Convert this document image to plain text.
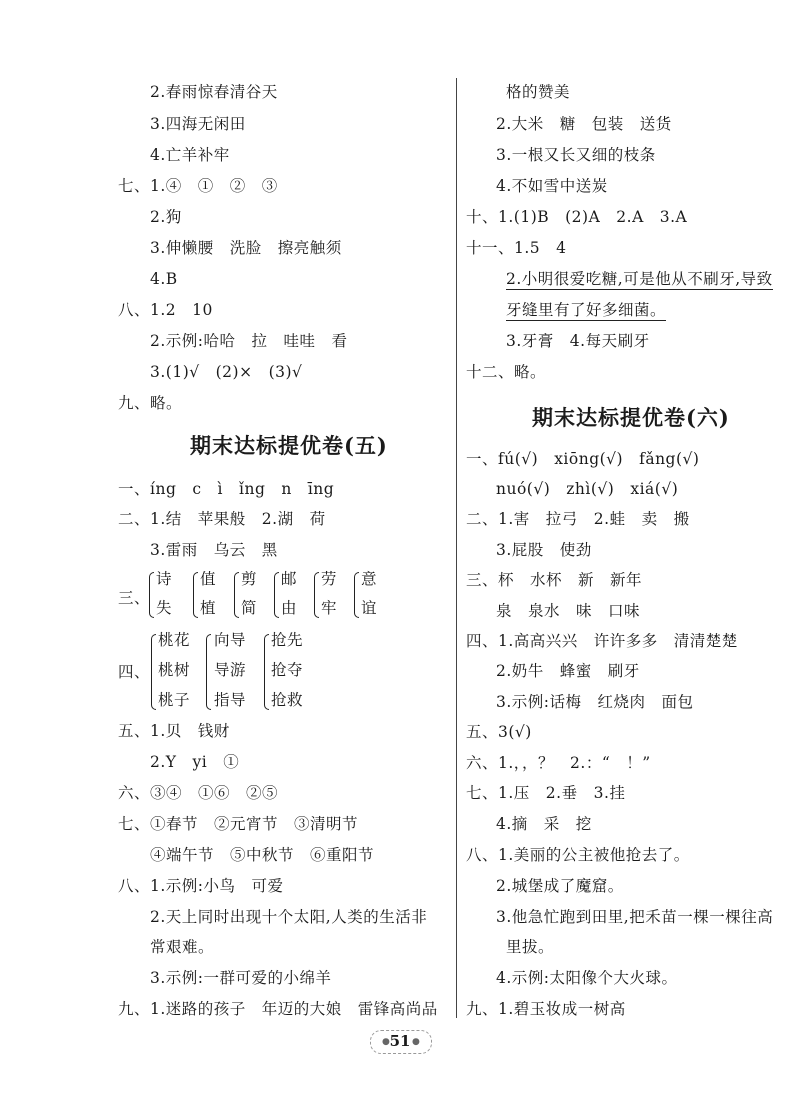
2.春雨惊春清谷天
3.四海无闲田
4.亡羊补牢
七、1.④　①　②　③
2.狗
3.伸懒腰　洗脸　擦亮触须
4.B
八、1.2　10
2.示例:哈哈　拉　哇哇　看
3.(1)√　(2)×　(3)√
九、略。
期末达标提优卷(五)
一、íng　c　ì　ǐng　n　īng
二、1.结　苹果般　2.湖　荷
3.雷雨　乌云　黑
三、
诗
失
值
植
剪
简
邮
由
劳
牢
意
谊
四、
桃花
桃树
桃子
向导
导游
指导
抢先
抢夺
抢救
五、1.贝　钱财
2.Y　yi　①
六、③④　①⑥　②⑤
七、①春节　②元宵节　③清明节
④端午节　⑤中秋节　⑥重阳节
八、1.示例:小鸟　可爱
2.天上同时出现十个太阳,人类的生活非
常艰难。
3.示例:一群可爱的小绵羊
九、1.迷路的孩子　年迈的大娘　雷锋高尚品
格的赞美
2.大米　糖　包装　送货
3.一根又长又细的枝条
4.不如雪中送炭
十、1.(1)B　(2)A　2.A　3.A
十一、1.5　4
2.小明很爱吃糖,可是他从不刷牙,导致
牙缝里有了好多细菌。
3.牙膏　4.每天刷牙
十二、略。
期末达标提优卷(六)
一、fú(√)　xiōng(√)　fǎng(√)
nuó(√)　zhì(√)　xiá(√)
二、1.害　拉弓　2.蛙　卖　搬
3.屁股　使劲
三、杯　水杯　新　新年
泉　泉水　味　口味
四、1.高高兴兴　许许多多　清清楚楚
2.奶牛　蜂蜜　刷牙
3.示例:话梅　红烧肉　面包
五、3(√)
六、1.，，？　2.：“　！”
七、1.压　2.垂　3.挂
4.摘　采　挖
八、1.美丽的公主被他抢去了。
2.城堡成了魔窟。
3.他急忙跑到田里,把禾苗一棵一棵往高
里拔。
4.示例:太阳像个大火球。
九、1.碧玉妆成一树高
● 51 ●
